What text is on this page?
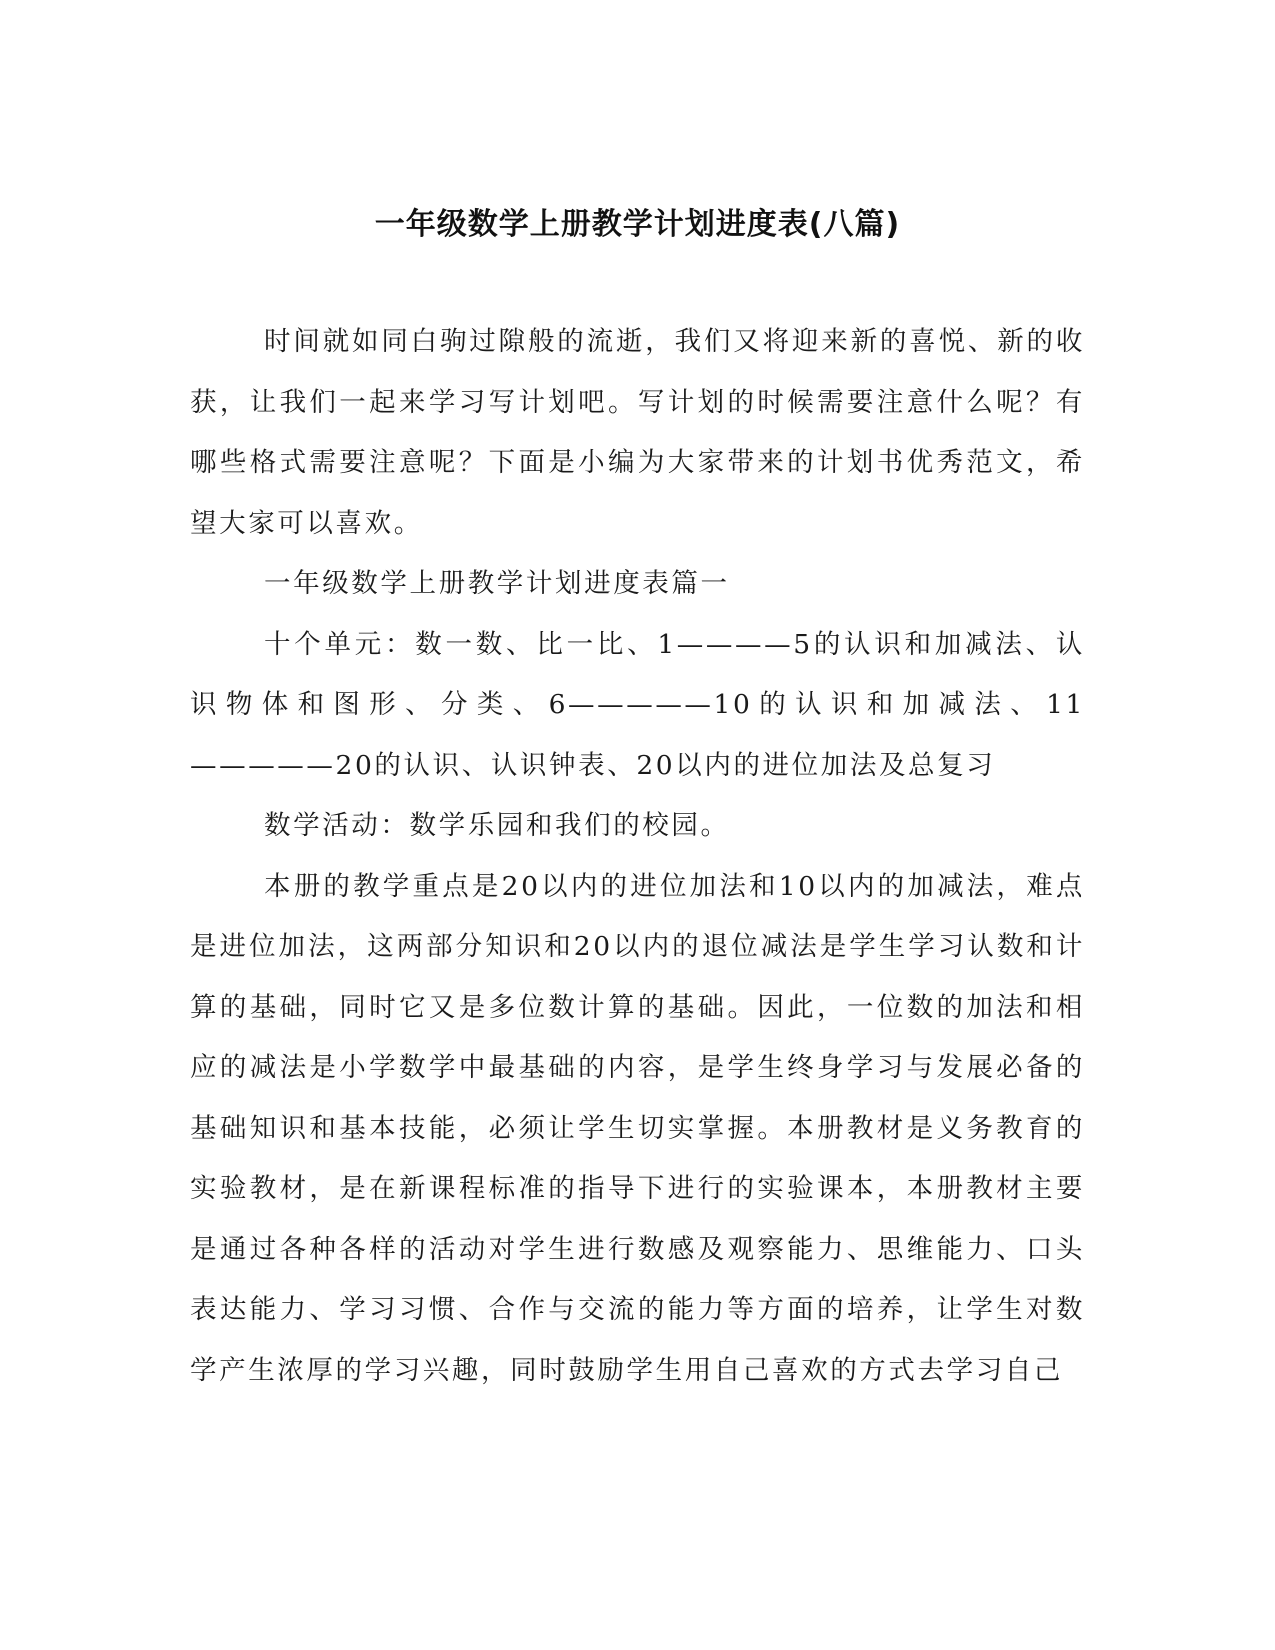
一年级数学上册教学计划进度表(八篇)

时间就如同白驹过隙般的流逝，我们又将迎来新的喜悦、新的收获，让我们一起来学习写计划吧。写计划的时候需要注意什么呢？有哪些格式需要注意呢？下面是小编为大家带来的计划书优秀范文，希望大家可以喜欢。

一年级数学上册教学计划进度表篇一

十个单元：数一数、比一比、1————5的认识和加减法、认识物体和图形、分类、6—————10的认识和加减法、11—————20的认识、认识钟表、20以内的进位加法及总复习

数学活动：数学乐园和我们的校园。

本册的教学重点是20以内的进位加法和10以内的加减法，难点是进位加法，这两部分知识和20以内的退位减法是学生学习认数和计算的基础，同时它又是多位数计算的基础。因此，一位数的加法和相应的减法是小学数学中最基础的内容，是学生终身学习与发展必备的基础知识和基本技能，必须让学生切实掌握。本册教材是义务教育的实验教材，是在新课程标准的指导下进行的实验课本，本册教材主要是通过各种各样的活动对学生进行数感及观察能力、思维能力、口头表达能力、学习习惯、合作与交流的能力等方面的培养，让学生对数学产生浓厚的学习兴趣，同时鼓励学生用自己喜欢的方式去学习自己
